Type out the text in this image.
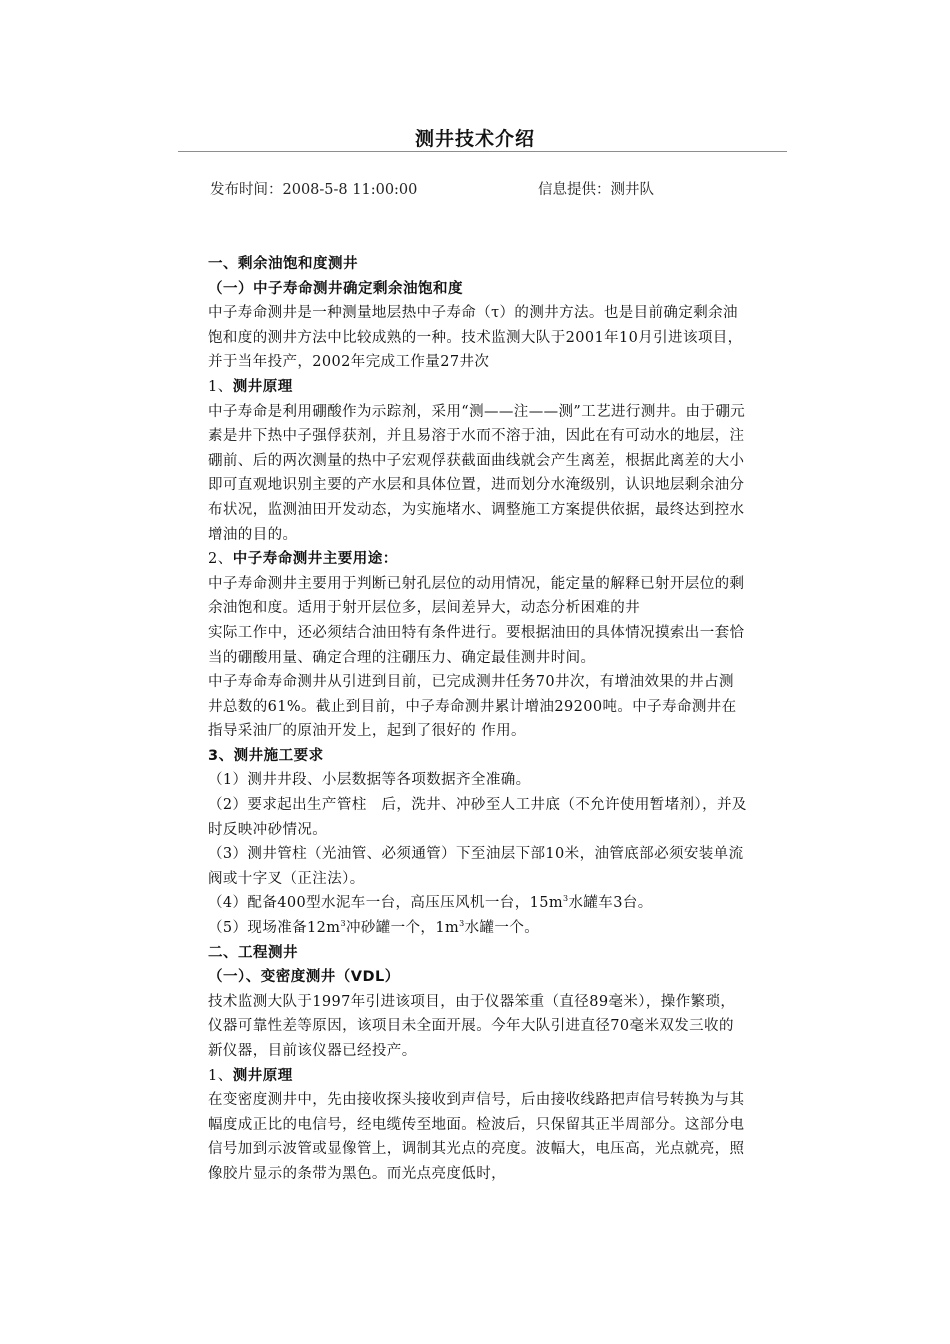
测井技术介绍
发布时间：2008-5-8 11:00:00	信息提供：测井队

一、剩余油饱和度测井

（一）中子寿命测井确定剩余油饱和度

中子寿命测井是一种测量地层热中子寿命（τ）的测井方法。也是目前确定剩余油饱和度的测井方法中比较成熟的一种。技术监测大队于2001年10月引进该项目，并于当年投产，2002年完成工作量27井次

1、测井原理

中子寿命是利用硼酸作为示踪剂，采用“测——注——测”工艺进行测井。由于硼元素是井下热中子强俘获剂，并且易溶于水而不溶于油，因此在有可动水的地层，注硼前、后的两次测量的热中子宏观俘获截面曲线就会产生离差，根据此离差的大小即可直观地识别主要的产水层和具体位置，进而划分水淹级别，认识地层剩余油分布状况，监测油田开发动态，为实施堵水、调整施工方案提供依据，最终达到控水增油的目的。

2、中子寿命测井主要用途：

中子寿命测井主要用于判断已射孔层位的动用情况，能定量的解释已射开层位的剩余油饱和度。适用于射开层位多，层间差异大，动态分析困难的井

实际工作中，还必须结合油田特有条件进行。要根据油田的具体情况摸索出一套恰当的硼酸用量、确定合理的注硼压力、确定最佳测井时间。

中子寿命寿命测井从引进到目前，已完成测井任务70井次，有增油效果的井占测井总数的61%。截止到目前，中子寿命测井累计增油29200吨。中子寿命测井在指导采油厂的原油开发上，起到了很好的 作用。

3、测井施工要求

（1）测井井段、小层数据等各项数据齐全准确。

（2）要求起出生产管柱　后，洗井、冲砂至人工井底（不允许使用暂堵剂），并及时反映冲砂情况。

（3）测井管柱（光油管、必须通管）下至油层下部10米，油管底部必须安装单流阀或十字叉（正注法）。

（4）配备400型水泥车一台，高压压风机一台，$15m^3$水罐车3台。

（5）现场准备$12m^3$冲砂罐一个，$1m^3$水罐一个。

二、工程测井

（一）、变密度测井（VDL）

技术监测大队于1997年引进该项目，由于仪器笨重（直径89毫米），操作繁琐，仪器可靠性差等原因，该项目未全面开展。今年大队引进直径70毫米双发三收的新仪器，目前该仪器已经投产。

1、测井原理

在变密度测井中，先由接收探头接收到声信号，后由接收线路把声信号转换为与其幅度成正比的电信号，经电缆传至地面。检波后，只保留其正半周部分。这部分电信号加到示波管或显像管上，调制其光点的亮度。波幅大，电压高，光点就亮，照像胶片显示的条带为黑色。而光点亮度低时，
